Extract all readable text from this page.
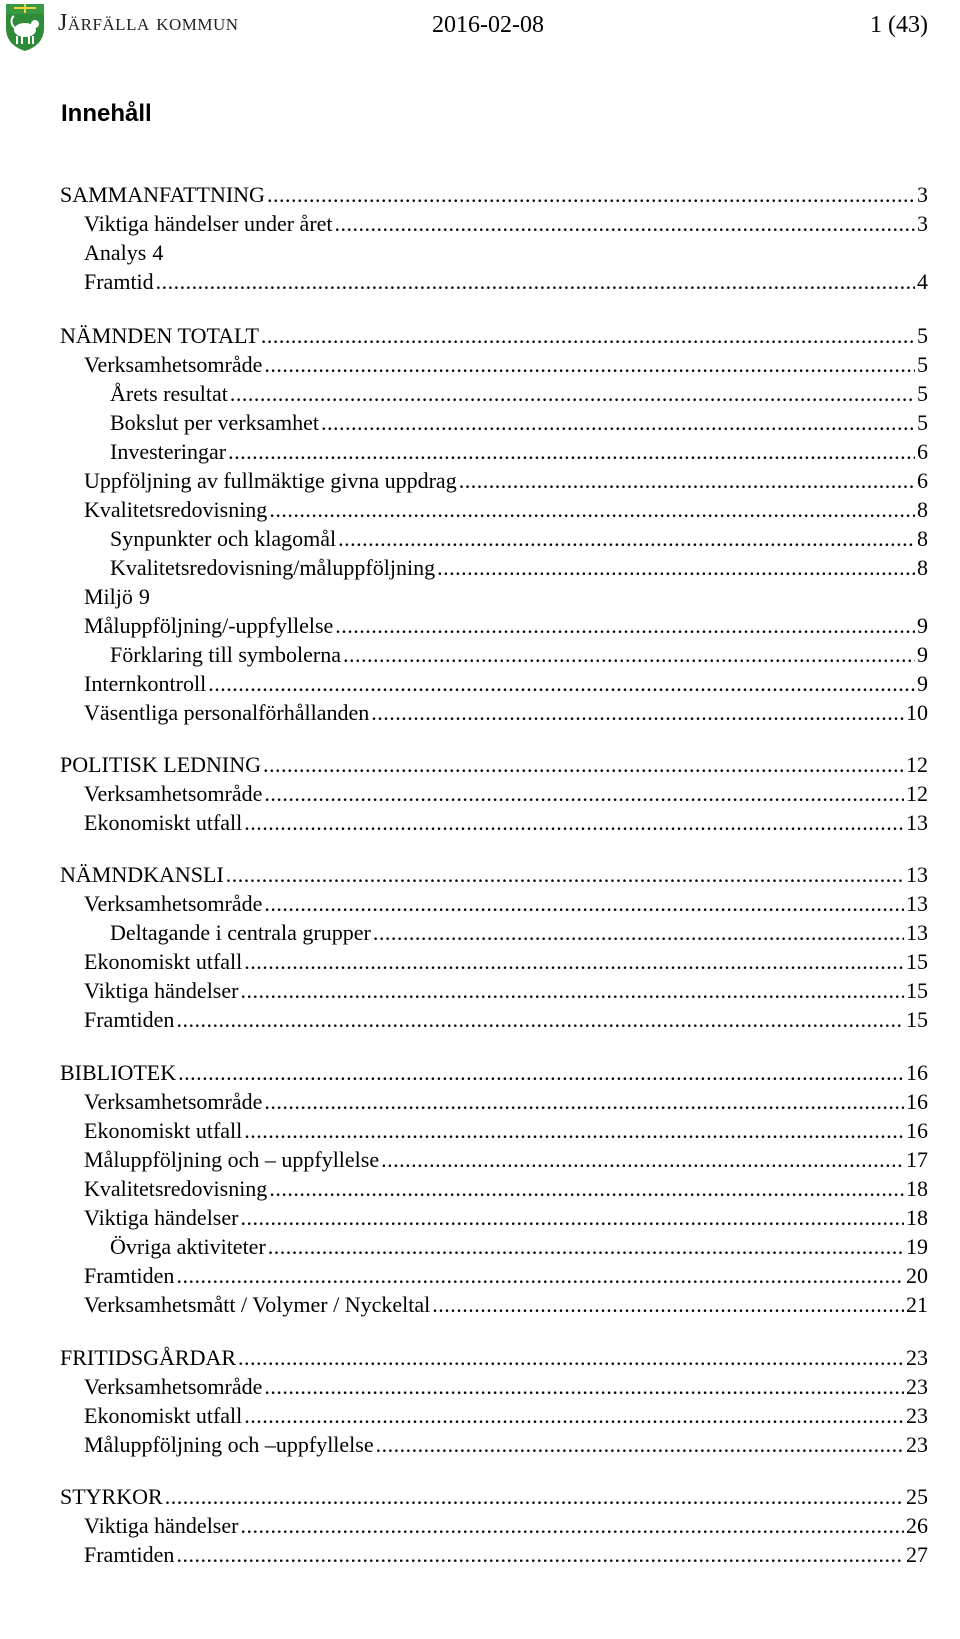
Järfälla kommun	2016-02-08	1 (43)
Innehåll
SAMMANFATTNING .....	3
Viktiga händelser under året .....	3
Analys 4
Framtid .....	4
NÄMNDEN TOTALT .....	5
Verksamhetsområde .....	5
Årets resultat .....	5
Bokslut per verksamhet .....	5
Investeringar .....	6
Uppföljning av fullmäktige givna uppdrag .....	6
Kvalitetsredovisning .....	8
Synpunkter och klagomål .....	8
Kvalitetsredovisning/måluppföljning .....	8
Miljö 9
Måluppföljning/-uppfyllelse .....	9
Förklaring till symbolerna .....	9
Internkontroll .....	9
Väsentliga personalförhållanden .....	10
POLITISK LEDNING .....	12
Verksamhetsområde .....	12
Ekonomiskt utfall .....	13
NÄMNDKANSLI .....	13
Verksamhetsområde .....	13
Deltagande i centrala grupper .....	13
Ekonomiskt utfall .....	15
Viktiga händelser .....	15
Framtiden .....	15
BIBLIOTEK .....	16
Verksamhetsområde .....	16
Ekonomiskt utfall .....	16
Måluppföljning och – uppfyllelse .....	17
Kvalitetsredovisning .....	18
Viktiga händelser .....	18
Övriga aktiviteter .....	19
Framtiden .....	20
Verksamhetsmått / Volymer / Nyckeltal .....	21
FRITIDSGÅRDAR .....	23
Verksamhetsområde .....	23
Ekonomiskt utfall .....	23
Måluppföljning och –uppfyllelse .....	23
STYRKOR .....	25
Viktiga händelser .....	26
Framtiden .....	27
